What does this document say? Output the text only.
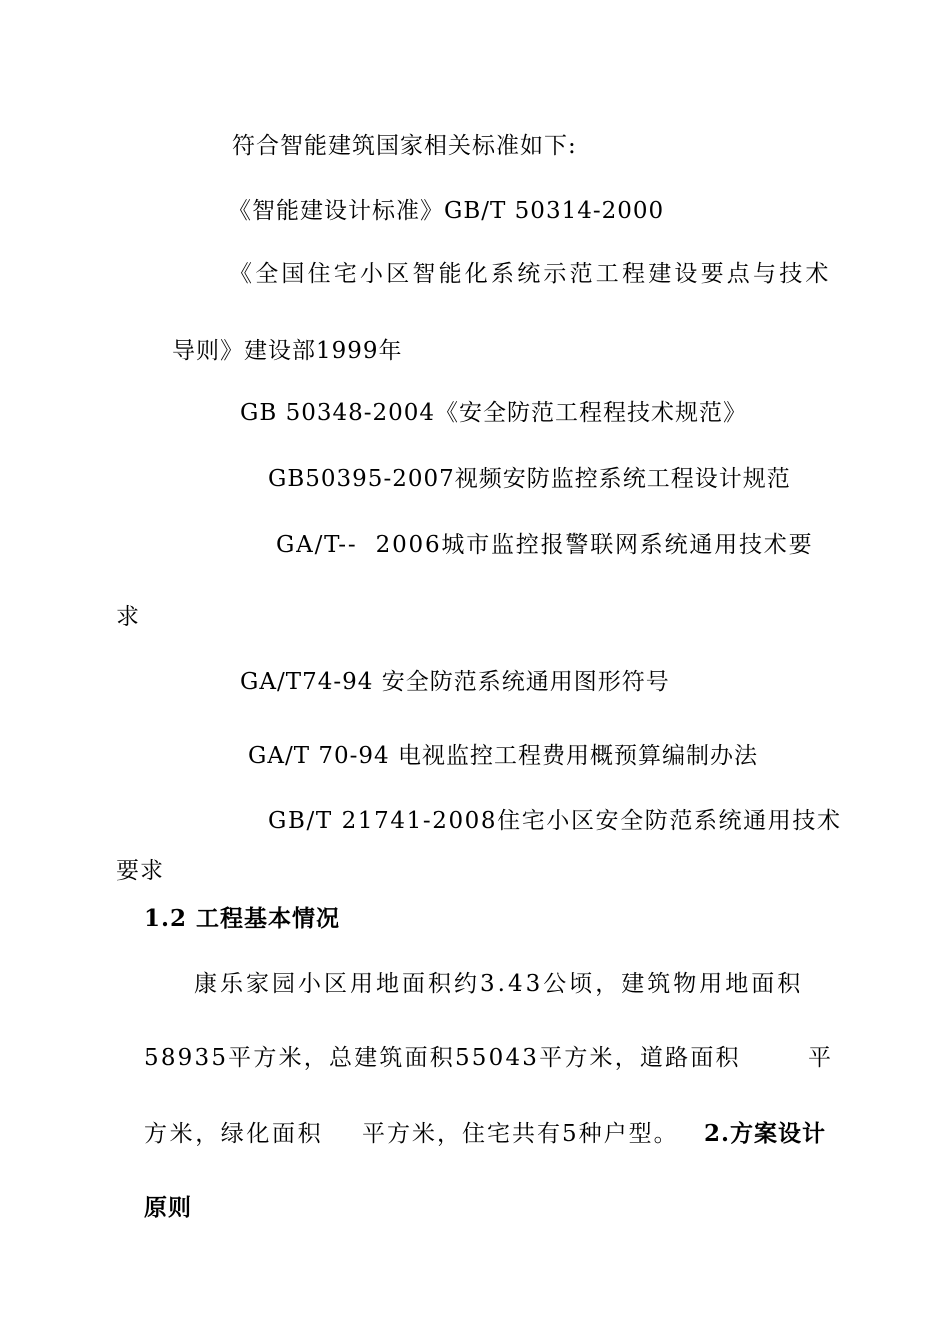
符合智能建筑国家相关标准如下:

《智能建设计标准》GB/T 50314-2000

《全国住宅小区智能化系统示范工程建设要点与技术

导则》建设部1999年

GB 50348-2004《安全防范工程程技术规范》

GB50395-2007视频安防监控系统工程设计规范

GA/T--  2006城市监控报警联网系统通用技术要

求

GA/T74-94 安全防范系统通用图形符号

GA/T 70-94 电视监控工程费用概预算编制办法

GB/T 21741-2008住宅小区安全防范系统通用技术

要求

1.2 工程基本情况

康乐家园小区用地面积约3.43公顷，建筑物用地面积

58935平方米，总建筑面积55043平方米，道路面积	平

方米，绿化面积 平方米，住宅共有5种户型。 2.方案设计

原则
